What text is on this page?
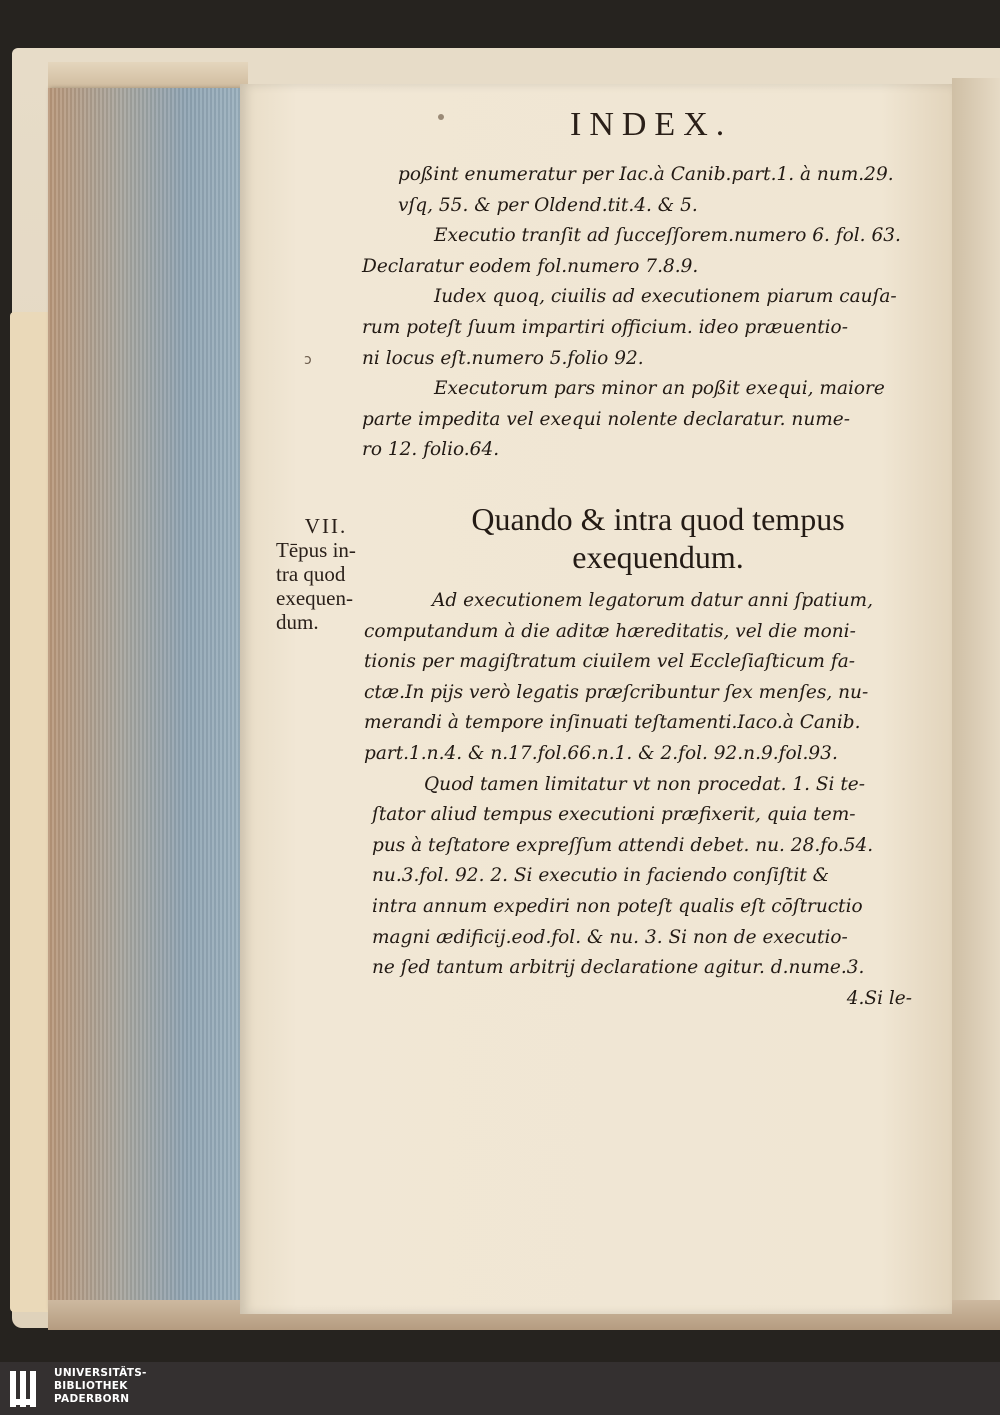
INDEX.
ↄ

poßint enumeratur per Iac.à Canib.part.1. à num.29.
vſq, 55. & per Oldend.tit.4. & 5.

Executio tranſit ad ſucceſſorem.numero 6. fol. 63.
Declaratur eodem fol.numero 7.8.9.

Iudex quoq, ciuilis ad executionem piarum cauſa-
rum poteſt ſuum impartiri officium. ideo præuentio-
ni locus eſt.numero 5.folio 92.

Executorum pars minor an poßit exequi, maiore
parte impedita vel exequi nolente declaratur. nume-
ro 12. folio.64.

VII.
Tēpus in-
tra quod
exequen-
dum.
Quando & intra quod tempus
exequendum.

Ad executionem legatorum datur anni ſpatium,
computandum à die aditæ hæreditatis, vel die moni-
tionis per magiſtratum ciuilem vel Eccleſiaſticum fa-
ctæ.In pijs verò legatis præſcribuntur ſex menſes, nu-
merandi à tempore inſinuati teſtamenti.Iaco.à Canib.
part.1.n.4. & n.17.fol.66.n.1. & 2.fol. 92.n.9.fol.93.

Quod tamen limitatur vt non procedat. 1. Si te-
ſtator aliud tempus executioni præfixerit, quia tem-
pus à teſtatore expreſſum attendi debet. nu. 28.fo.54.
nu.3.fol. 92. 2. Si executio in faciendo conſiſtit &
intra annum expediri non poteſt qualis eſt cōſtructio
magni ædificij.eod.fol. & nu. 3. Si non de executio-
ne ſed tantum arbitrij declaratione agitur. d.nume.3.

4.Si le-
UNIVERSITÄTS-
BIBLIOTHEK
PADERBORN
